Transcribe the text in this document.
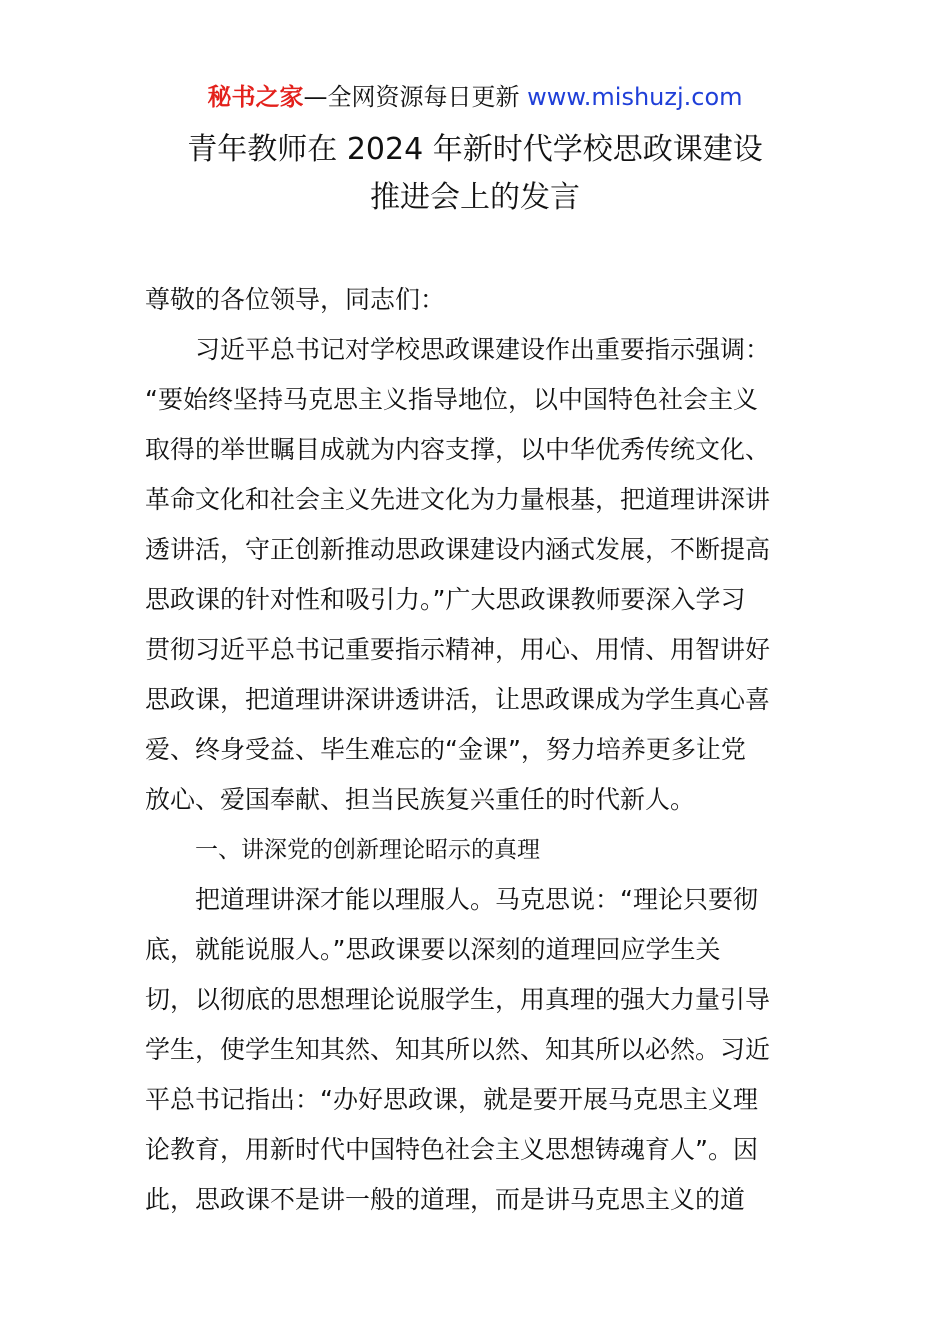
秘书之家—全网资源每日更新 www.mishuzj.com
青年教师在 2024 年新时代学校思政课建设
推进会上的发言
尊敬的各位领导，同志们：
习近平总书记对学校思政课建设作出重要指示强调：
“要始终坚持马克思主义指导地位，以中国特色社会主义
取得的举世瞩目成就为内容支撑，以中华优秀传统文化、
革命文化和社会主义先进文化为力量根基，把道理讲深讲
透讲活，守正创新推动思政课建设内涵式发展，不断提高
思政课的针对性和吸引力。”广大思政课教师要深入学习
贯彻习近平总书记重要指示精神，用心、用情、用智讲好
思政课，把道理讲深讲透讲活，让思政课成为学生真心喜
爱、终身受益、毕生难忘的“金课”，努力培养更多让党
放心、爱国奉献、担当民族复兴重任的时代新人。
一、讲深党的创新理论昭示的真理
把道理讲深才能以理服人。马克思说：“理论只要彻
底，就能说服人。”思政课要以深刻的道理回应学生关
切，以彻底的思想理论说服学生，用真理的强大力量引导
学生，使学生知其然、知其所以然、知其所以必然。习近
平总书记指出：“办好思政课，就是要开展马克思主义理
论教育，用新时代中国特色社会主义思想铸魂育人”。因
此，思政课不是讲一般的道理，而是讲马克思主义的道
